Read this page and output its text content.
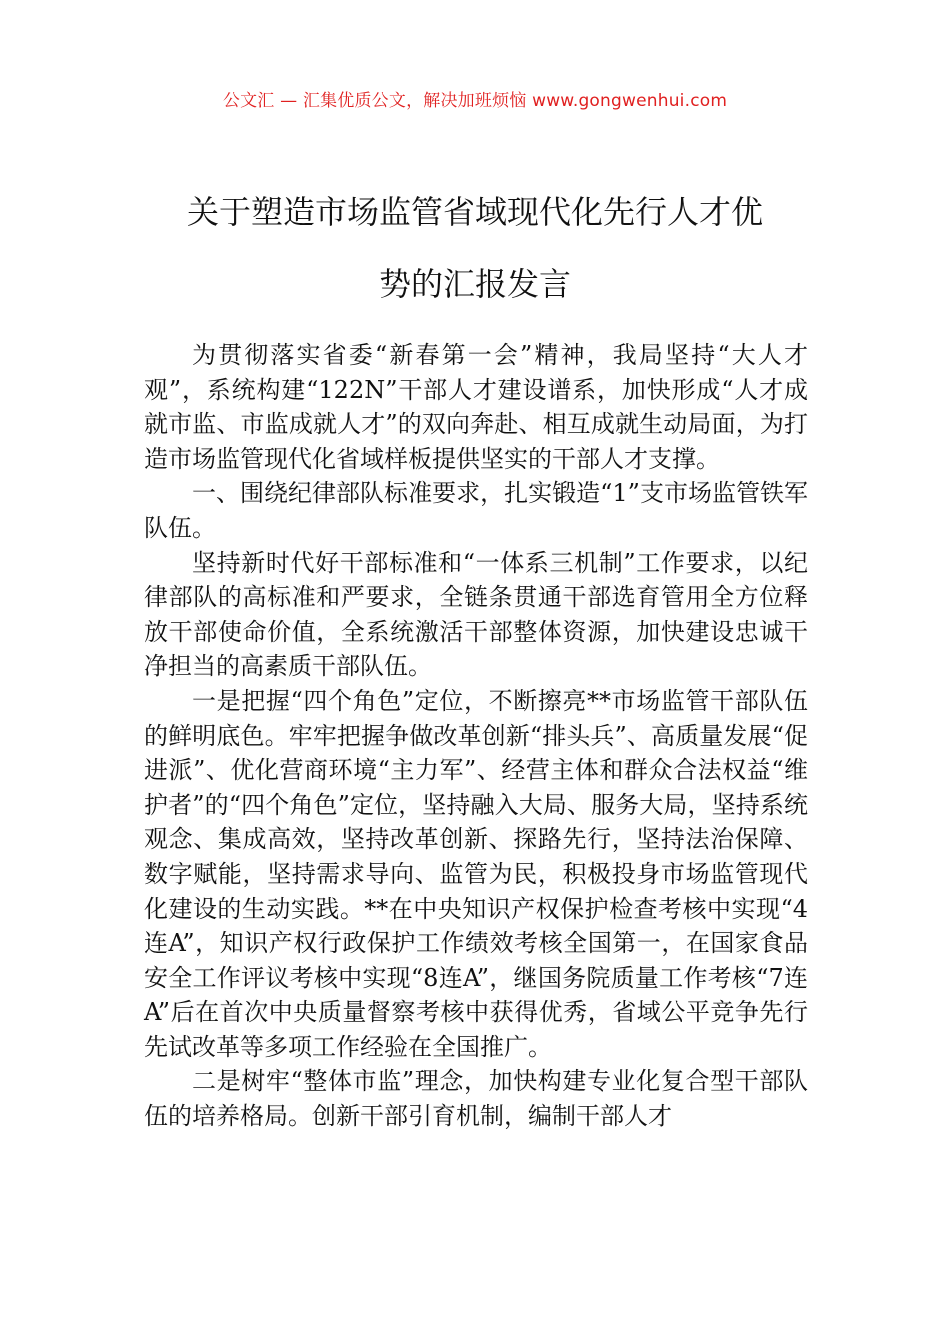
公文汇 — 汇集优质公文，解决加班烦恼 www.gongwenhui.com
关于塑造市场监管省域现代化先行人才优
势的汇报发言

为贯彻落实省委“新春第一会”精神，我局坚持“大人才观”，系统构建“122N”干部人才建设谱系，加快形成“人才成就市监、市监成就人才”的双向奔赴、相互成就生动局面，为打造市场监管现代化省域样板提供坚实的干部人才支撑。

一、围绕纪律部队标准要求，扎实锻造“1”支市场监管铁军队伍。

坚持新时代好干部标准和“一体系三机制”工作要求，以纪律部队的高标准和严要求，全链条贯通干部选育管用全方位释放干部使命价值，全系统激活干部整体资源，加快建设忠诚干净担当的高素质干部队伍。

一是把握“四个角色”定位，不断擦亮**市场监管干部队伍的鲜明底色。牢牢把握争做改革创新“排头兵”、高质量发展“促进派”、优化营商环境“主力军”、经营主体和群众合法权益“维护者”的“四个角色”定位，坚持融入大局、服务大局，坚持系统观念、集成高效，坚持改革创新、探路先行，坚持法治保障、数字赋能，坚持需求导向、监管为民，积极投身市场监管现代化建设的生动实践。**在中央知识产权保护检查考核中实现“4连A”，知识产权行政保护工作绩效考核全国第一，在国家食品安全工作评议考核中实现“8连A”，继国务院质量工作考核“7连A”后在首次中央质量督察考核中获得优秀，省域公平竞争先行先试改革等多项工作经验在全国推广。

二是树牢“整体市监”理念，加快构建专业化复合型干部队伍的培养格局。创新干部引育机制，编制干部人才
